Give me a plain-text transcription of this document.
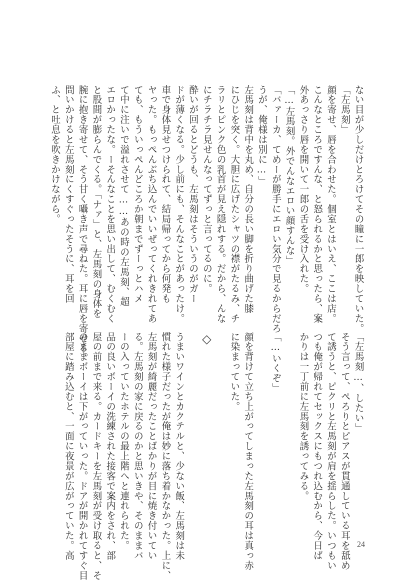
ない目が少しだけとろけてその瞳に一郎を映していた。
「左馬刻」
顔を寄せ、唇を合わせた。個室とはいえ、ここは店。
こんなところですんな、と怒られるかと思ったら、案
外あっさり唇を開いて一郎の舌を受け入れた。
「…左馬刻。外でんなエロい顔すんな」
「バァーカ、てめーが勝手にエロい気分で見るからだろ
うが、俺様は別に…」
左馬刻は背中を丸め、自分の長い脚を折り曲げた膝
にひじを突く。大胆に広げたシャツの襟がたるみ、チ
ラリとピンク色の乳首が見え隠れする。だから、んな
にチラチラ見せんなってずっと言ってるのに。
酔いが回るとどうも、左馬刻はそういうのがガー
ドが薄くなる。少し前にも、そんなことがあったけ。
車で身体見せつけられて、結局帰ってから何発も
ヤった。もっぺんぶち込んでいいぜってくれきれてあ
ても、もういっぺんどころか朝までずーっとハメ
て中に注いで溢れさせて……あの時の左馬刻、超
エロかったな。ーそんなことを思い出して、むくむく
と股間が膨らんでくる。「ナァ」と、左馬刻の身体を
腕に抱き寄せて、そう甘く囁き声で尋ねた。耳に唇を寄せる。
問いかけると左馬刻にくすぐったそうに、耳を回
ふ、と吐息を吹きかけながら。
「左馬刻…、したい」
そう言って、ぺろりとピアスが貫通している耳を舐め
て誘うと、ピクリと左馬刻が肩を揺らした。いつもい
つも俺が帰れてセックスにもつれ込むから、今日ば
かりは一丁前に左馬刻を誘ってみる。
「…いくぞ」
顔を背けて立ち上がってしまった左馬刻の耳は真っ赤
に染まっていた。
◇
うまいワインとカクテルと、少ない飯、左馬刻は未
慣れた様子だったが俺は妙に落ち着かなかった。上に、
左馬刻が綺麗だったことばかりが目に焼き付いてい
る。左馬刻の家に戻るのかと思いきや、そのままバ
ーの入っていたホテルの最上階へと連れられた。
品の良いボーイの洗練された接客で案内をされ、部
屋の前まで来る。カードキーを左馬刻が受け取ると、そ
のままボーイは下がっていった。ドアが開かれてすぐ目
部屋に踏み込むと、一面に夜景が広がっていた。高	24
